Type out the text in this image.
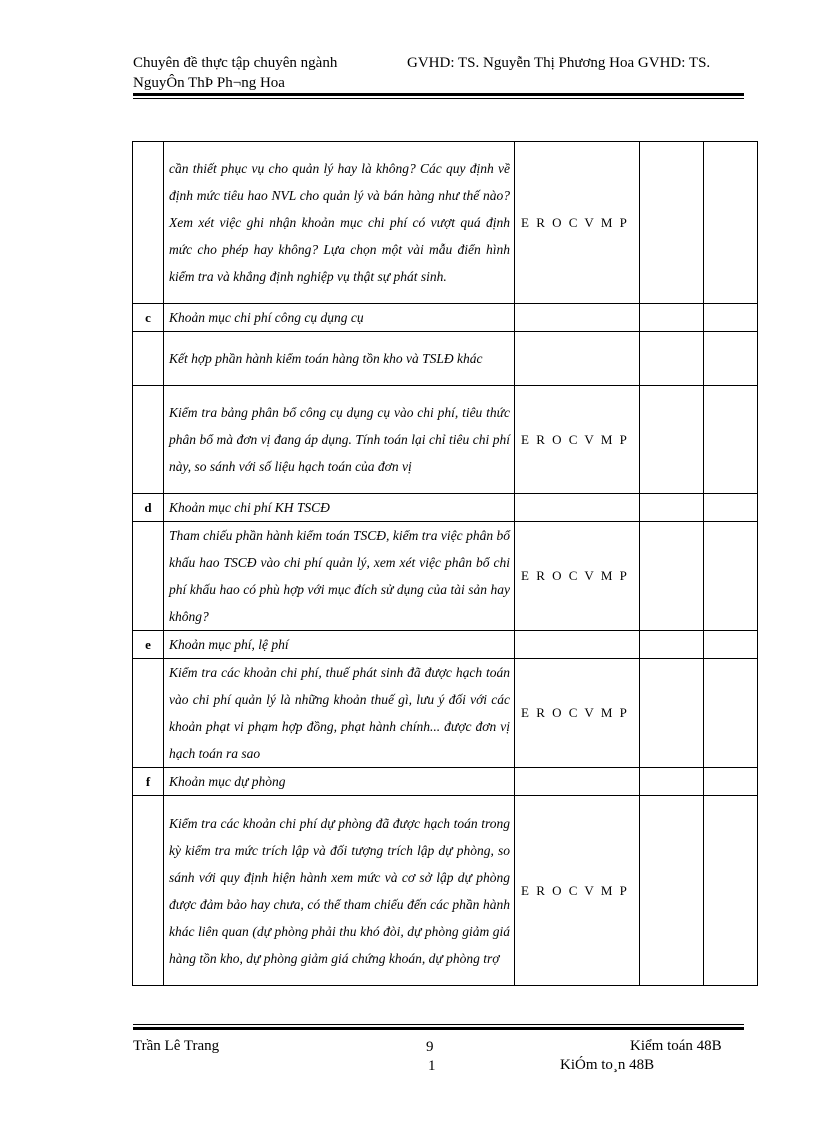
Chuyên đề thực tập chuyên ngành
NguyÔn ThÞ Ph¬ng Hoa
GVHD: TS. Nguyễn Thị Phương Hoa GVHD: TS.
	cần thiết phục vụ cho quản lý hay là không? Các quy định về định mức tiêu hao NVL cho quản lý và bán hàng như thế nào? Xem xét việc ghi nhận khoản mục chi phí có vượt quá định mức cho phép hay không? Lựa chọn một vài mẫu điển hình kiểm tra và khẳng định nghiệp vụ thật sự phát sinh.	E R O C V M P		
c	Khoản mục chi phí công cụ dụng cụ			
	Kết hợp phần hành kiểm toán hàng tồn kho và TSLĐ khác			
	Kiểm tra bảng phân bổ công cụ dụng cụ vào chi phí, tiêu thức phân bổ mà đơn vị đang áp dụng. Tính toán lại chỉ tiêu chi phí này, so sánh với số liệu hạch toán của đơn vị	E R O C V M P		
d	Khoản mục chi phí KH TSCĐ			
	Tham chiếu phần hành kiểm toán TSCĐ, kiểm tra việc phân bổ khấu hao TSCĐ vào chi phí quản lý, xem xét việc phân bổ chi phí khấu hao có phù hợp với mục đích sử dụng của tài sản hay không?	E R O C V M P		
e	Khoản mục phí, lệ phí			
	Kiểm tra các khoản chi phí, thuế phát sinh đã được hạch toán vào chi phí quản lý là những khoản thuế gì, lưu ý đối với các khoản phạt vi phạm hợp đồng, phạt hành chính... được đơn vị hạch toán ra sao	E R O C V M P		
f	Khoản mục dự phòng			
	Kiểm tra các khoản chi phí dự phòng đã được hạch toán trong kỳ kiểm tra mức trích lập và đối tượng trích lập dự phòng, so sánh với quy định hiện hành xem mức và cơ sở lập dự phòng được đảm bảo hay chưa, có thể tham chiếu đến các phần hành khác liên quan (dự phòng phải thu khó đòi, dự phòng giảm giá hàng tồn kho, dự phòng giảm giá chứng khoán, dự phòng trợ	E R O C V M P		
Trần Lê Trang	9
1
Kiểm toán 48B
KiÓm to¸n 48B
